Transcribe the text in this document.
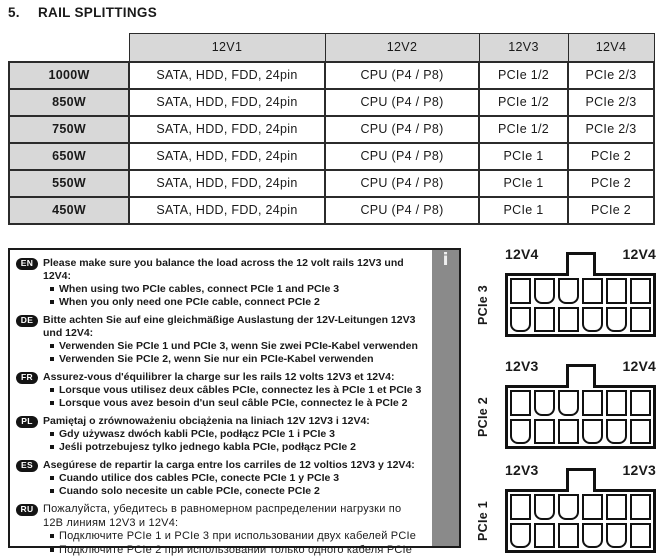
5.	RAIL SPLITTINGS
	12V1	12V2	12V3	12V4
1000W	SATA, HDD, FDD, 24pin	CPU (P4 / P8)	PCIe 1/2	PCIe 2/3
850W	SATA, HDD, FDD, 24pin	CPU (P4 / P8)	PCIe 1/2	PCIe 2/3
750W	SATA, HDD, FDD, 24pin	CPU (P4 / P8)	PCIe 1/2	PCIe 2/3
650W	SATA, HDD, FDD, 24pin	CPU (P4 / P8)	PCIe 1	PCIe 2
550W	SATA, HDD, FDD, 24pin	CPU (P4 / P8)	PCIe 1	PCIe 2
450W	SATA, HDD, FDD, 24pin	CPU (P4 / P8)	PCIe 1	PCIe 2
i
EN Please make sure you balance the load across the 12 volt rails 12V3 und 12V4:
When using two PCIe cables, connect PCIe 1 and PCIe 3
When you only need one PCIe cable, connect PCIe 2
DE Bitte achten Sie auf eine gleichmäßige Auslastung der 12V-Leitungen 12V3 und 12V4:
Verwenden Sie PCIe 1 und PCIe 3, wenn Sie zwei PCIe-Kabel verwenden
Verwenden Sie PCIe 2, wenn Sie nur ein PCIe-Kabel verwenden
FR Assurez-vous d'équilibrer la charge sur les rails 12 volts 12V3 et 12V4:
Lorsque vous utilisez deux câbles PCIe, connectez les à PCIe 1 et PCIe 3
Lorsque vous avez besoin d'un seul câble PCIe, connectez le à PCIe 2
PL Pamiętaj o zrównoważeniu obciążenia na liniach 12V 12V3 i 12V4:
Gdy używasz dwóch kabli PCIe, podłącz PCIe 1 i PCIe 3
Jeśli potrzebujesz tylko jednego kabla PCIe, podłącz PCIe 2
ES Asegúrese de repartir la carga entre los carriles de 12 voltios 12V3 y 12V4:
Cuando utilice dos cables PCIe, conecte PCIe 1 y PCIe 3
Cuando solo necesite un cable PCIe, conecte PCIe 2
RU Пожалуйста, убедитесь в равномерном распределении нагрузки по 12В линиям 12V3 и 12V4:
Подключите PCIe 1 и PCIe 3 при использовании двух кабелей PCIe
Подключите PCIe 2 при использовании только одного кабеля PCIe
12V4	12V4
PCIe 3
12V3	12V4
PCIe 2
12V3	12V3
PCIe 1
